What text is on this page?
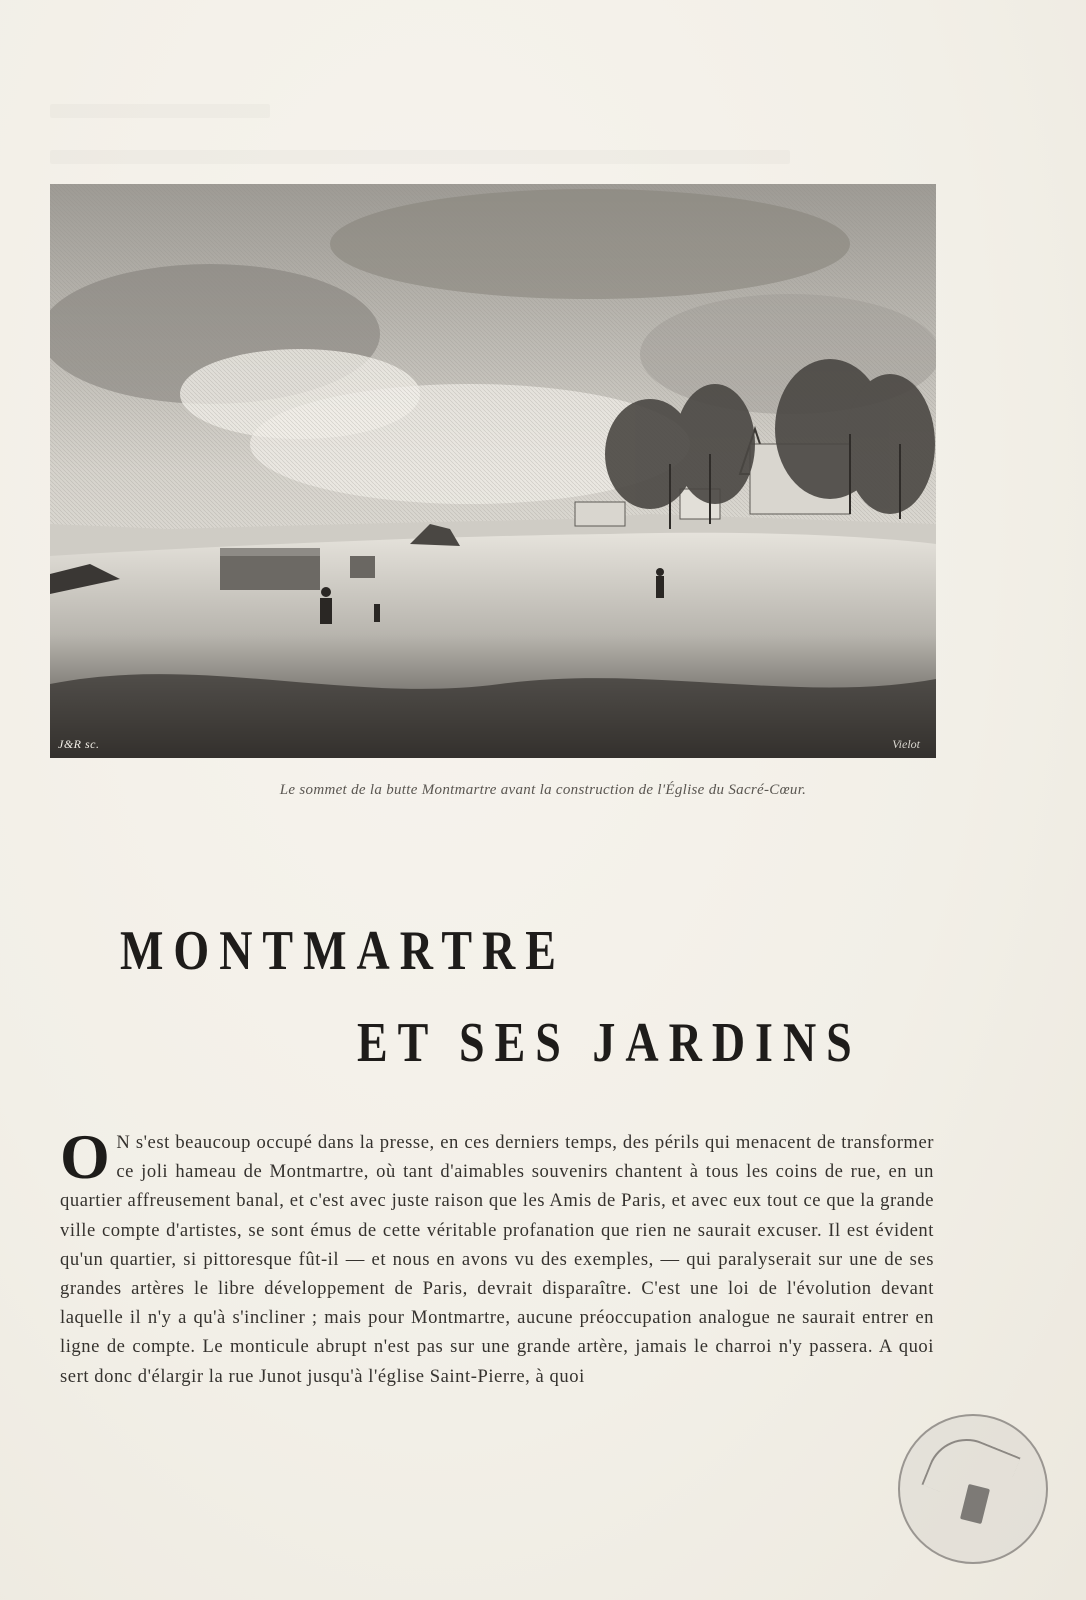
J&R sc.	Vielot
Le sommet de la butte Montmartre avant la construction de l'Église du Sacré-Cœur.
MONTMARTRE
ET SES JARDINS
O N s'est beaucoup occupé dans la presse, en ces derniers temps, des périls qui menacent de transformer ce joli hameau de Montmartre, où tant d'aimables souvenirs chantent à tous les coins de rue, en un quartier affreusement banal, et c'est avec juste raison que les Amis de Paris, et avec eux tout ce que la grande ville compte d'artistes, se sont émus de cette véritable profanation que rien ne saurait excuser. Il est évident qu'un quartier, si pittoresque fût-il — et nous en avons vu des exemples, — qui paralyserait sur une de ses grandes artères le libre développement de Paris, devrait disparaître. C'est une loi de l'évolution devant laquelle il n'y a qu'à s'incliner ; mais pour Montmartre, aucune préoccupation analogue ne saurait entrer en ligne de compte. Le monticule abrupt n'est pas sur une grande artère, jamais le charroi n'y passera. A quoi sert donc d'élargir la rue Junot jusqu'à l'église Saint-Pierre, à quoi
